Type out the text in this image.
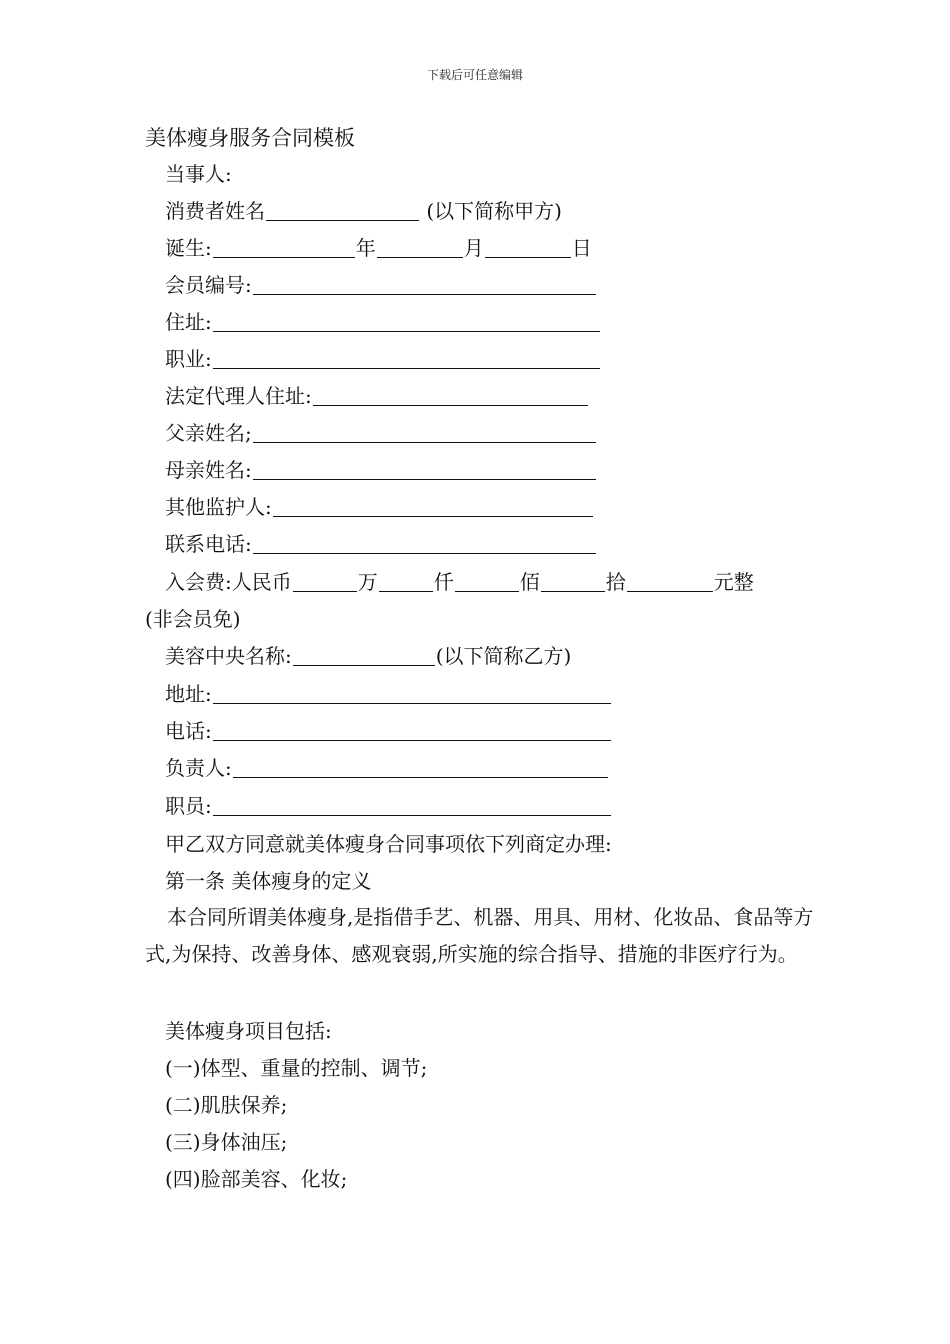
下载后可任意编辑
美体瘦身服务合同模板
当事人:
消费者姓名	(以下简称甲方)
诞生:	年	月	日
会员编号:
住址:
职业:
法定代理人住址:
父亲姓名;
母亲姓名:
其他监护人:
联系电话:
入会费:人民币	万	仟	佰	拾	元整
(非会员免)
美容中央名称:	(以下简称乙方)
地址:
电话:
负责人:
职员:
甲乙双方同意就美体瘦身合同事项依下列商定办理:
第一条 美体瘦身的定义
本合同所谓美体瘦身,是指借手艺、机器、用具、用材、化妆品、食品等方式,为保持、改善身体、感观衰弱,所实施的综合指导、措施的非医疗行为。
美体瘦身项目包括:
(一)体型、重量的控制、调节;
(二)肌肤保养;
(三)身体油压;
(四)脸部美容、化妆;
